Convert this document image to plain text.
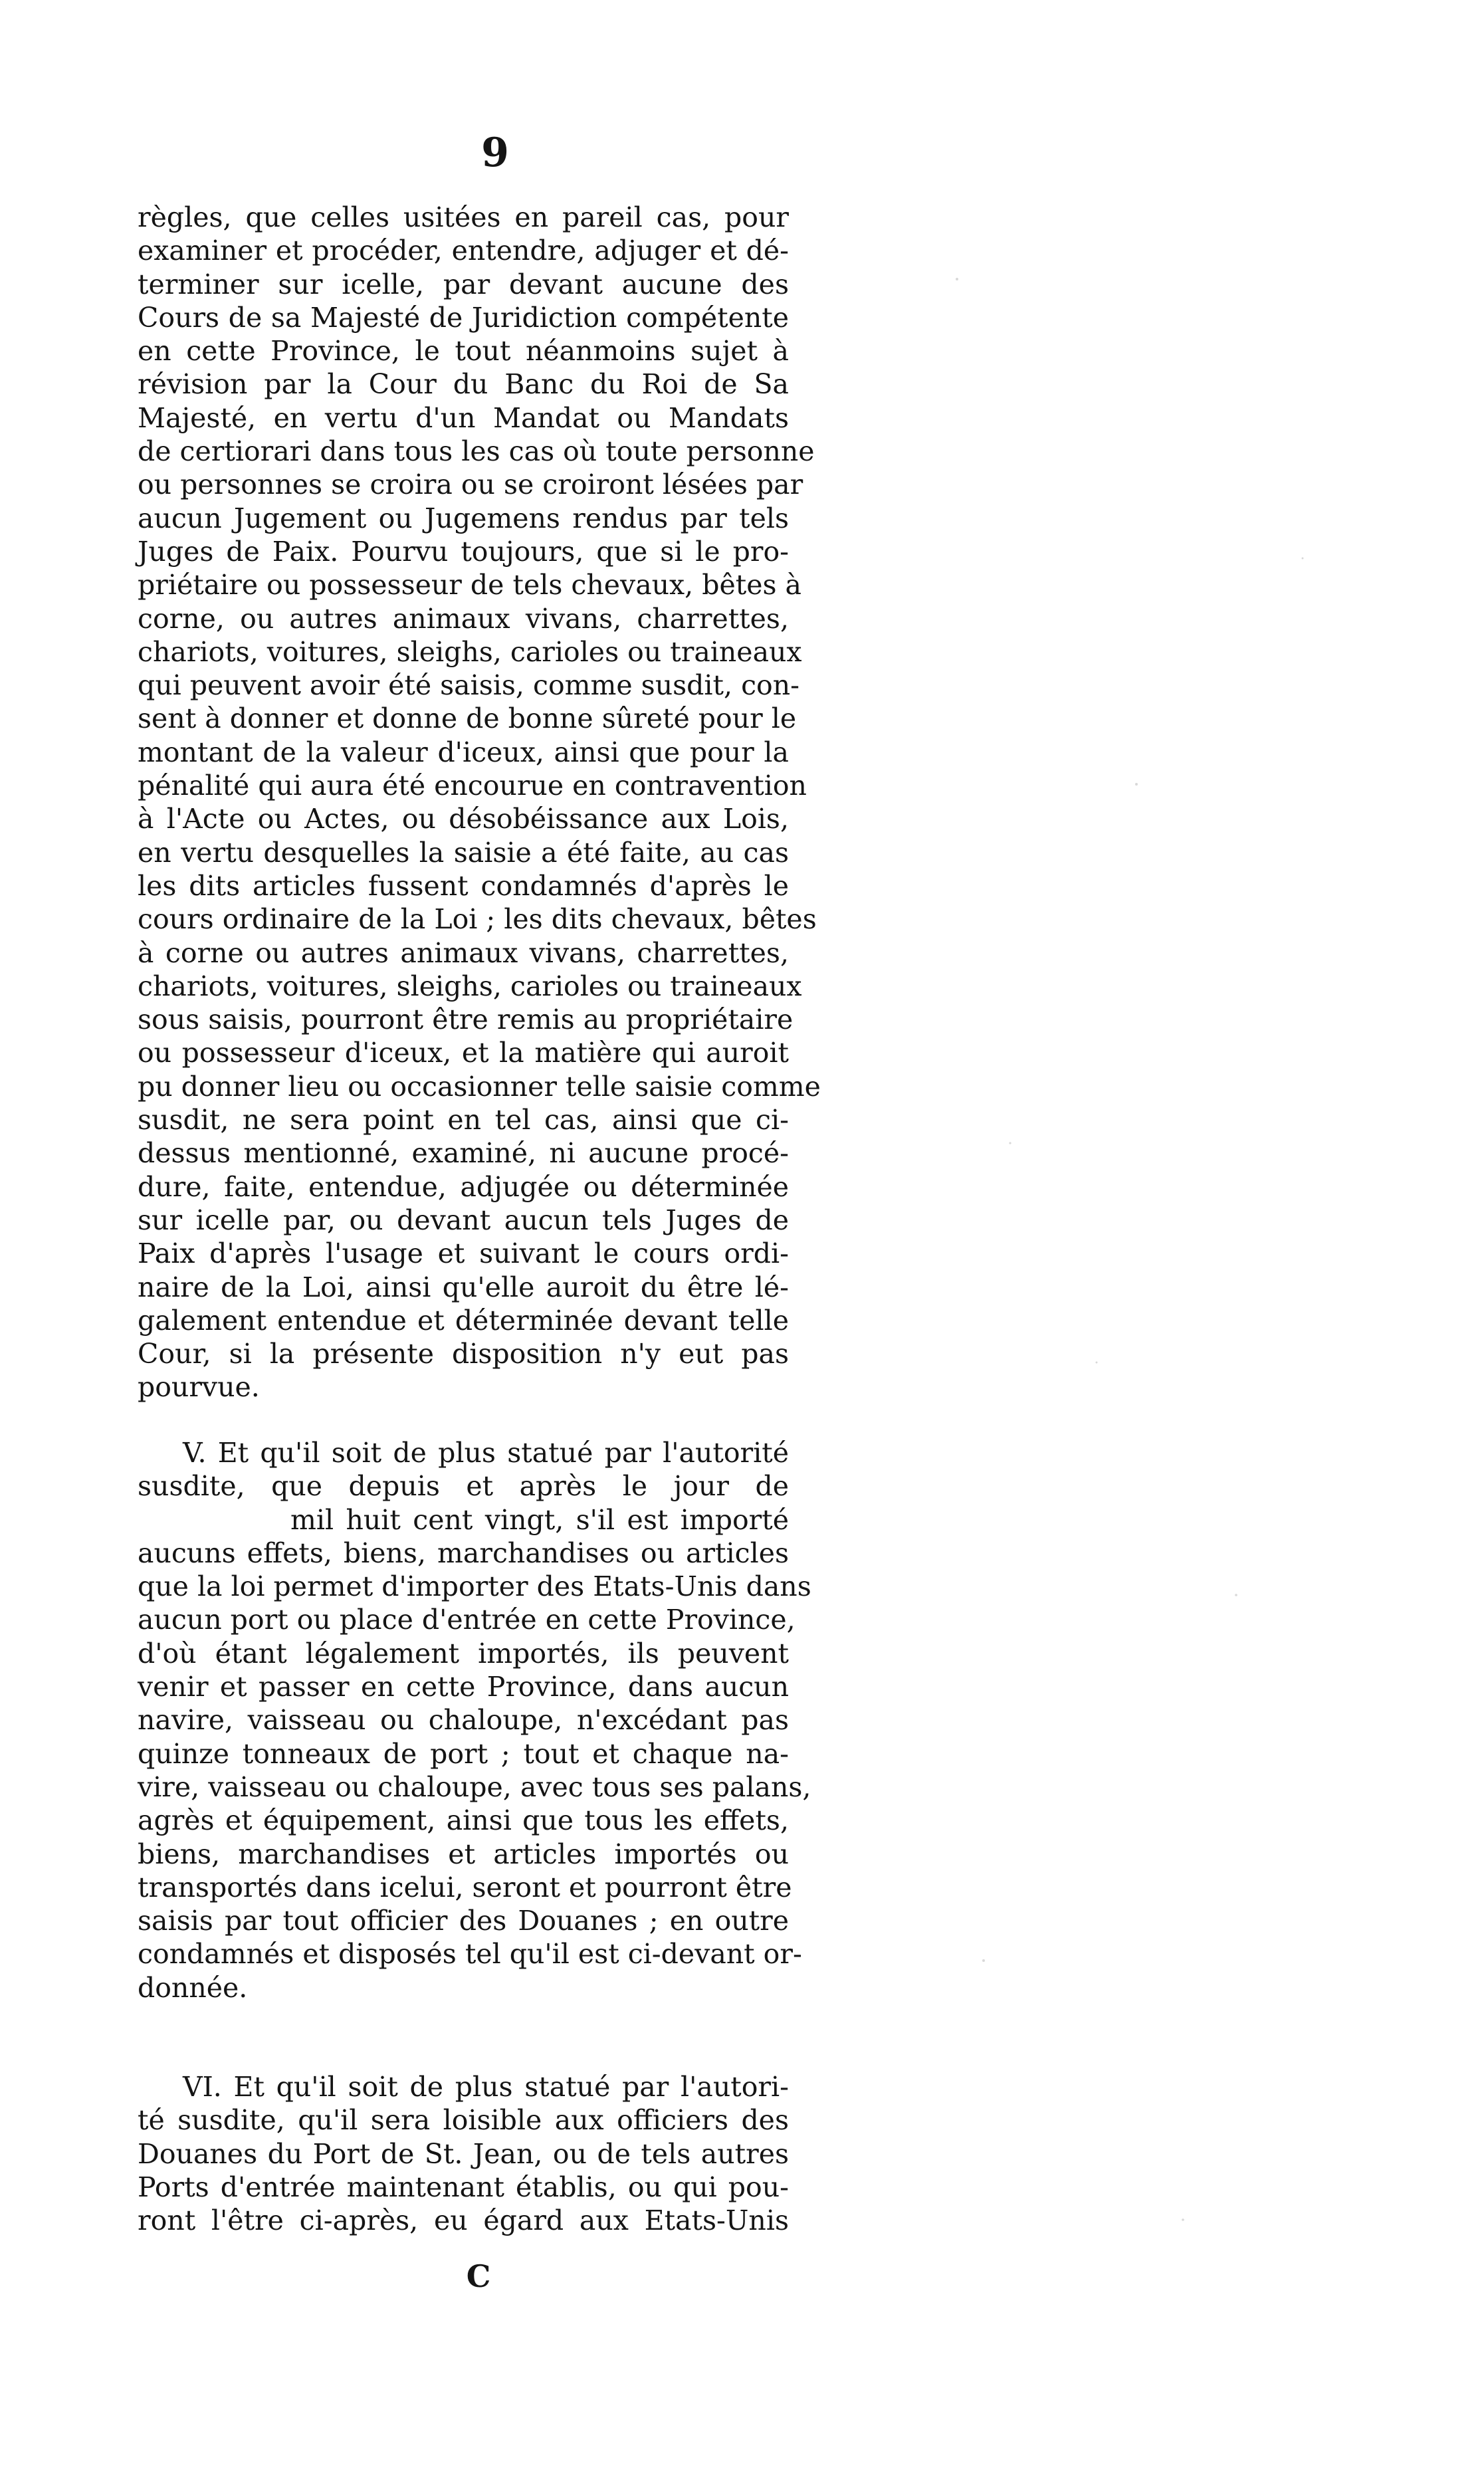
9

règles, que celles usitées en pareil cas, pour
examiner et procéder, entendre, adjuger et dé-
terminer sur icelle, par devant aucune des
Cours de sa Majesté de Juridiction compétente
en cette Province, le tout néanmoins sujet à
révision par la Cour du Banc du Roi de Sa
Majesté, en vertu d'un Mandat ou Mandats
de certiorari dans tous les cas où toute personne
ou personnes se croira ou se croiront lésées par
aucun Jugement ou Jugemens rendus par tels
Juges de Paix. Pourvu toujours, que si le pro-
priétaire ou possesseur de tels chevaux, bêtes à
corne, ou autres animaux vivans, charrettes,
chariots, voitures, sleighs, carioles ou traineaux
qui peuvent avoir été saisis, comme susdit, con-
sent à donner et donne de bonne sûreté pour le
montant de la valeur d'iceux, ainsi que pour la
pénalité qui aura été encourue en contravention
à l'Acte ou Actes, ou désobéissance aux Lois,
en vertu desquelles la saisie a été faite, au cas
les dits articles fussent condamnés d'après le
cours ordinaire de la Loi ; les dits chevaux, bêtes
à corne ou autres animaux vivans, charrettes,
chariots, voitures, sleighs, carioles ou traineaux
sous saisis, pourront être remis au propriétaire
ou possesseur d'iceux, et la matière qui auroit
pu donner lieu ou occasionner telle saisie comme
susdit, ne sera point en tel cas, ainsi que ci-
dessus mentionné, examiné, ni aucune procé-
dure, faite, entendue, adjugée ou déterminée
sur icelle par, ou devant aucun tels Juges de
Paix d'après l'usage et suivant le cours ordi-
naire de la Loi, ainsi qu'elle auroit du être lé-
galement entendue et déterminée devant telle
Cour, si la présente disposition n'y eut pas
pourvue.

V. Et qu'il soit de plus statué par l'autorité
susdite, que depuis et après le jour de
mil huit cent vingt, s'il est importé
aucuns effets, biens, marchandises ou articles
que la loi permet d'importer des Etats-Unis dans
aucun port ou place d'entrée en cette Province,
d'où étant légalement importés, ils peuvent
venir et passer en cette Province, dans aucun
navire, vaisseau ou chaloupe, n'excédant pas
quinze tonneaux de port ; tout et chaque na-
vire, vaisseau ou chaloupe, avec tous ses palans,
agrès et équipement, ainsi que tous les effets,
biens, marchandises et articles importés ou
transportés dans icelui, seront et pourront être
saisis par tout officier des Douanes ; en outre
condamnés et disposés tel qu'il est ci-devant or-
donnée.

VI. Et qu'il soit de plus statué par l'autori-
té susdite, qu'il sera loisible aux officiers des
Douanes du Port de St. Jean, ou de tels autres
Ports d'entrée maintenant établis, ou qui pou-
ront l'être ci-après, eu égard aux Etats-Unis

C
